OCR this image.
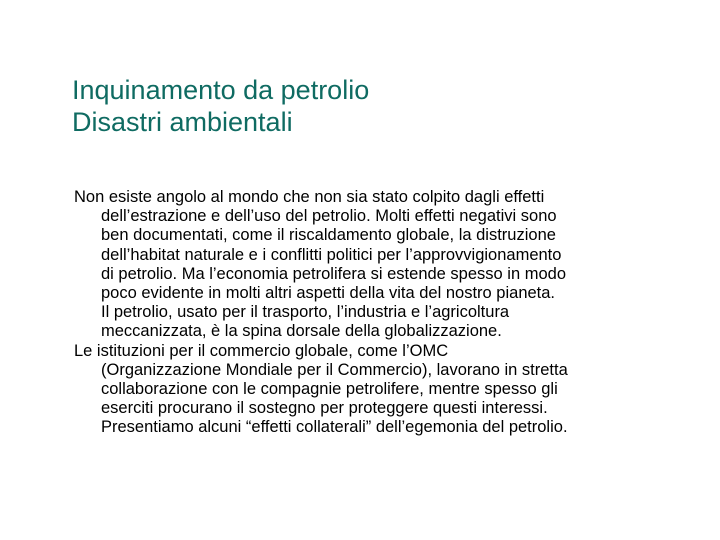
Inquinamento da petrolio
Disastri ambientali

Non esiste angolo al mondo che non sia stato colpito dagli effetti
dell’estrazione e dell’uso del petrolio. Molti effetti negativi sono
ben documentati, come il riscaldamento globale, la distruzione
dell’habitat naturale e i conflitti politici per l’approvvigionamento
di petrolio. Ma l’economia petrolifera si estende spesso in modo
poco evidente in molti altri aspetti della vita del nostro pianeta.
Il petrolio, usato per il trasporto, l’industria e l’agricoltura
meccanizzata, è la spina dorsale della globalizzazione.

Le istituzioni per il commercio globale, come l’OMC
(Organizzazione Mondiale per il Commercio), lavorano in stretta
collaborazione con le compagnie petrolifere, mentre spesso gli
eserciti procurano il sostegno per proteggere questi interessi.
Presentiamo alcuni “effetti collaterali” dell’egemonia del petrolio.
